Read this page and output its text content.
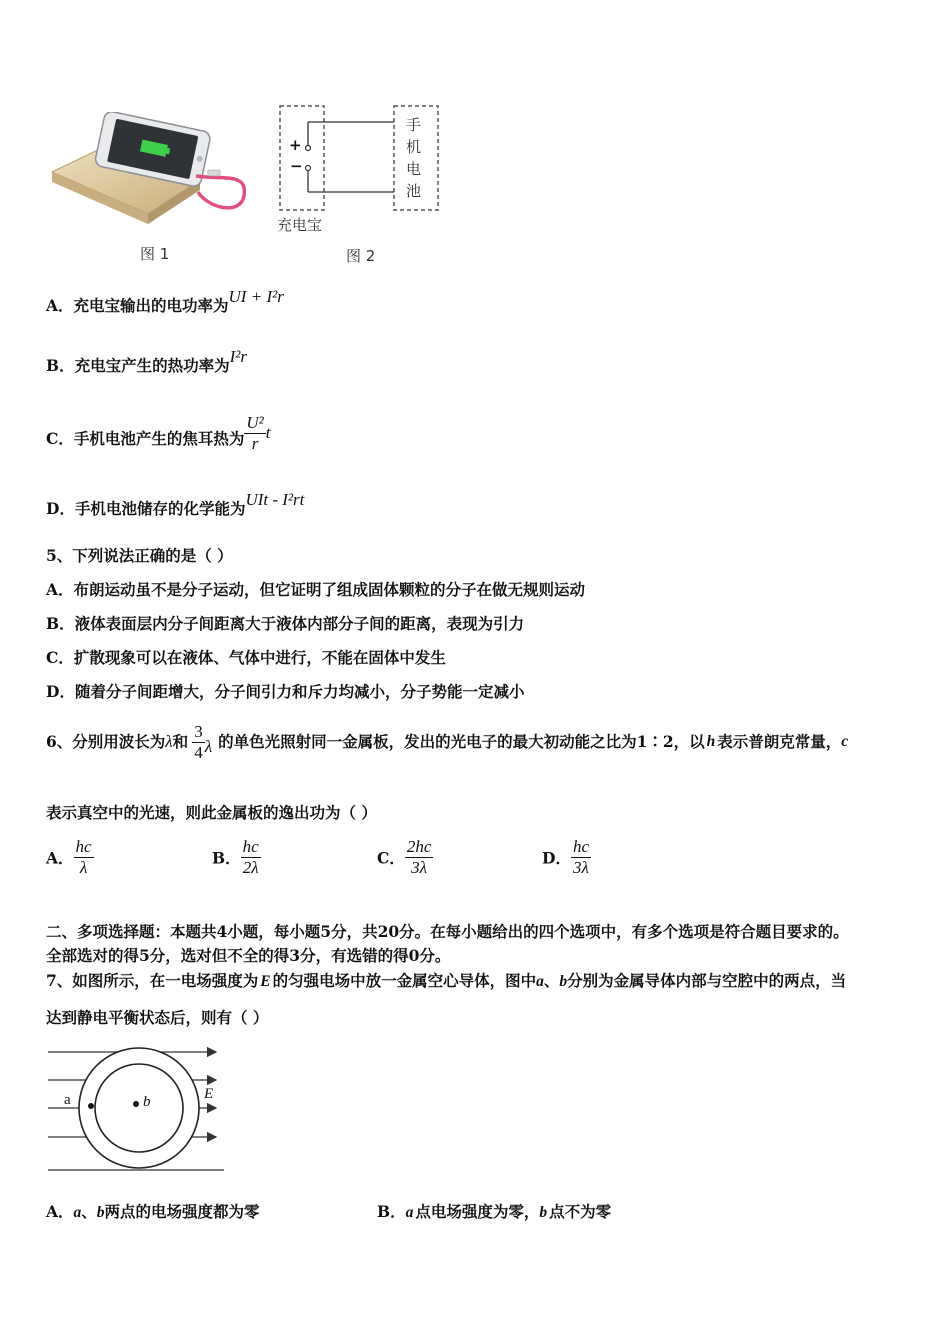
图 1
+
−
手
机
电
池
充电宝
图 2
A．充电宝输出的电功率为UI + I²r
B．充电宝产生的热功率为I²r
C．手机电池产生的焦耳热为 $\frac{\text{U²}}{r}$ t
D．手机电池储存的化学能为UIt - I²rt
5、下列说法正确的是（ ）
A．布朗运动虽不是分子运动，但它证明了组成固体颗粒的分子在做无规则运动
B．液体表面层内分子间距离大于液体内部分子间的距离，表现为引力
C．扩散现象可以在液体、气体中进行，不能在固体中发生
D．随着分子间距增大，分子间引力和斥力均减小，分子势能一定减小
6、分别用波长为λ和 $\frac{3}{4}$ λ 的单色光照射同一金属板，发出的光电子的最大初动能之比为1∶2，以 h 表示普朗克常量，c
表示真空中的光速，则此金属板的逸出功为（ ）
A． $\frac{hc}{\lambda}$	B． $\frac{hc}{2\lambda}$	C． $\frac{2hc}{3\lambda}$	D． $\frac{hc}{3\lambda}$
二、多项选择题：本题共4小题，每小题5分，共20分。在每小题给出的四个选项中，有多个选项是符合题目要求的。
全部选对的得5分，选对但不全的得3分，有选错的得0分。
7、如图所示，在一电场强度为 E 的匀强电场中放一金属空心导体，图中a、b分别为金属导体内部与空腔中的两点，当
达到静电平衡状态后，则有（ ）
a	b	E
A．a、b两点的电场强度都为零	B．a 点电场强度为零，b 点不为零
